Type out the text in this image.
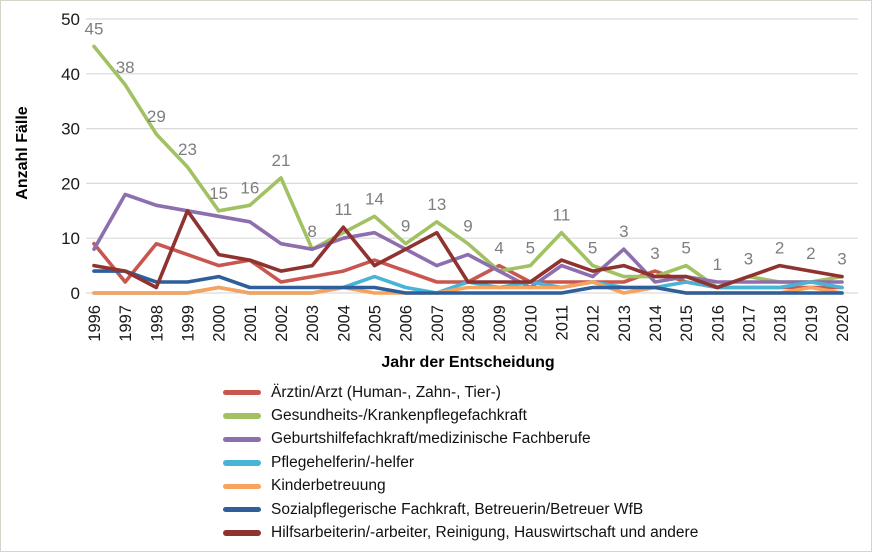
0
10
20
30
40
50
1996 1997 1998 1999 2000 2001 2002 2003 2004 2005 2006 2007 2008 2009 2010 2011 2012 2013 2014 2015 2016 2017 2018 2019 2020
45
38
29
23
15 16
21
8
11
14
9
13
9
4 5
11
5
3
3 5
1 3
2 2 3
Anzahl Fälle
Jahr der Entscheidung
Ärztin/Arzt (Human-, Zahn-, Tier-)
Gesundheits-/Krankenpflegefachkraft
Geburtshilfefachkraft/medizinische Fachberufe
Pflegehelferin/-helfer
Kinderbetreuung
Sozialpflegerische Fachkraft, Betreuerin/Betreuer WfB
Hilfsarbeiterin/-arbeiter, Reinigung, Hauswirtschaft und andere
